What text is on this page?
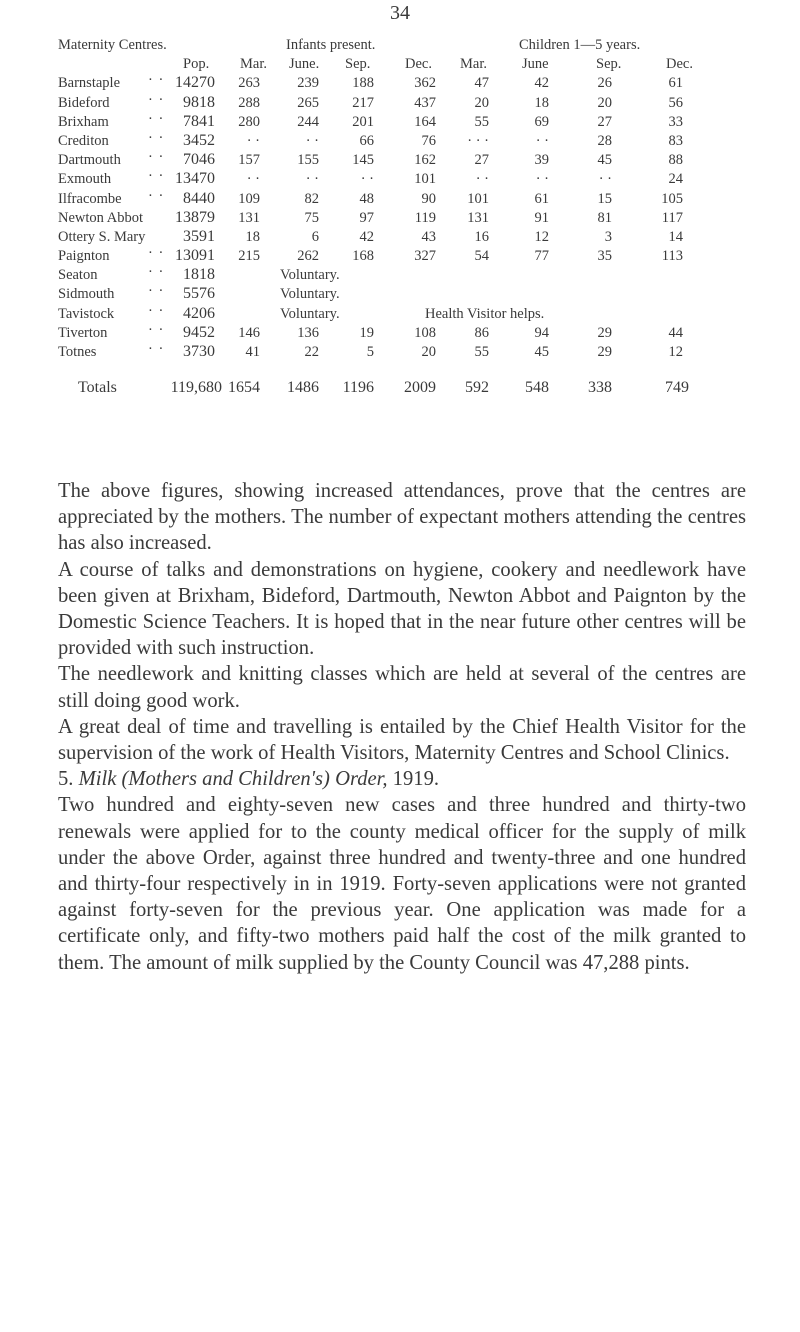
34
Maternity Centres.	Infants present.	Children 1—5 years.
Pop. Mar. June. Sep. Dec. Mar. June	Sep.	Dec.
Barnstaple · · 14270 263	239 188	362	47	42	26	61
Bideford	· · 9818 288	265 217	437	20	18	20	56
Brixham	· · 7841 280	244 201	164	55	69	27	33
Crediton	· · 3452 · ·	· ·	66	76 · · ·	· ·	28	83
Dartmouth · · 7046 157	155 145	162	27	39	45	88
Exmouth	· · 13470 · ·	· ·	· ·	101	· ·	· ·	· ·	24
Ilfracombe · · 8440 109	82	48	90 101	61	15	105
Newton Abbot 13879 131	75	97	119 131	91	81	117
Ottery S. Mary 3591 18	6	42	43	16	12	3	14
Paignton	· · 13091 215	262 168	327	54	77	35	113
Seaton	· · 1818	Voluntary.
Sidmouth · · 5576	Voluntary.
Tavistock · · 4206	Voluntary.	Health Visitor helps.
Tiverton	· · 9452 146	136	19	108	86	94	29	44
Totnes	· · 3730 41	22	5	20	55	45	29	12
Totals	119,680 1654 1486 1196 2009 592 548 338	749

The above figures, showing increased attendances, prove that the centres are appreciated by the mothers. The number of expectant mothers attending the centres has also increased.

A course of talks and demonstrations on hygiene, cookery and needlework have been given at Brixham, Bideford, Dartmouth, Newton Abbot and Paignton by the Domestic Science Teachers. It is hoped that in the near future other centres will be provided with such instruction.

The needlework and knitting classes which are held at several of the centres are still doing good work.

A great deal of time and travelling is entailed by the Chief Health Visitor for the supervision of the work of Health Visitors, Maternity Centres and School Clinics.

5. Milk (Mothers and Children's) Order, 1919.

Two hundred and eighty-seven new cases and three hundred and thirty-two renewals were applied for to the county medical officer for the supply of milk under the above Order, against three hundred and twenty-three and one hundred and thirty-four respectively in in 1919. Forty-seven applications were not granted against forty-seven for the previous year. One application was made for a certificate only, and fifty-two mothers paid half the cost of the milk granted to them. The amount of milk supplied by the County Council was 47,288 pints.
